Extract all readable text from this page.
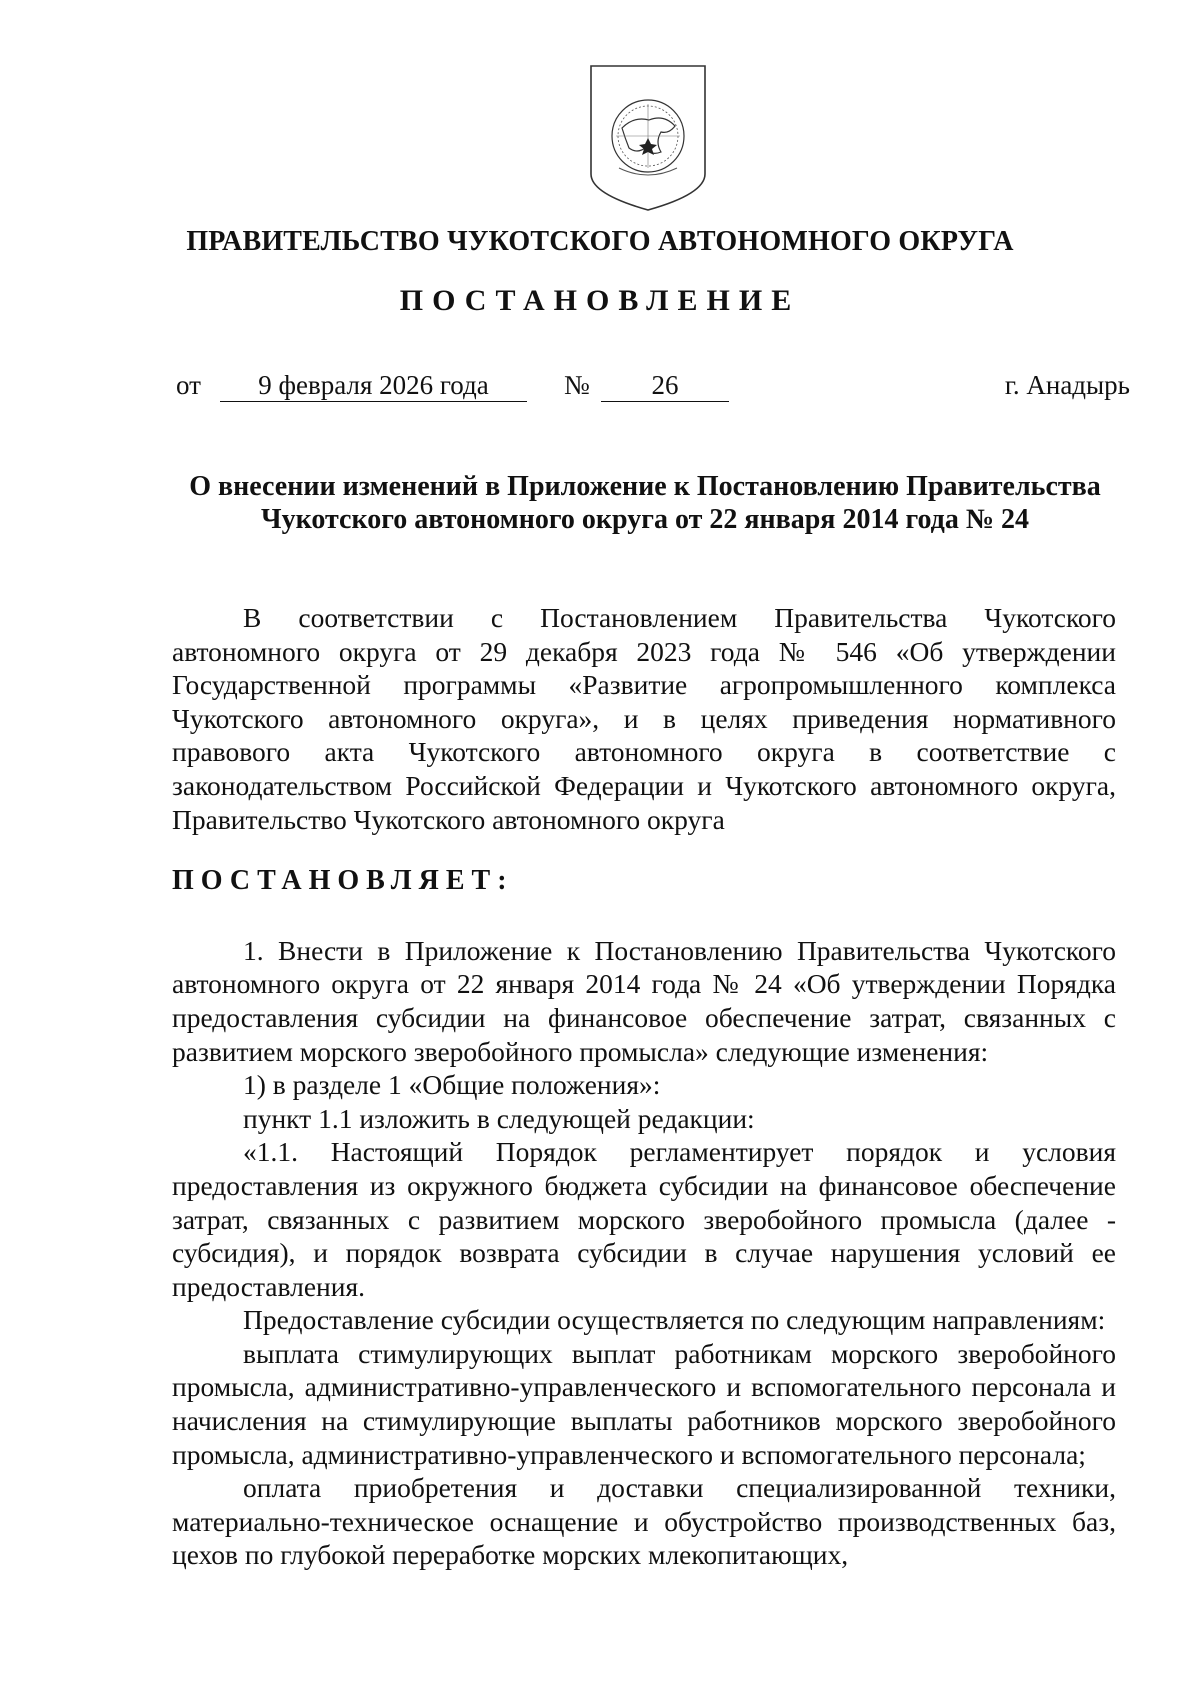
ПРАВИТЕЛЬСТВО ЧУКОТСКОГО АВТОНОМНОГО ОКРУГА
ПОСТАНОВЛЕНИЕ
от	9 февраля 2026 года	№	26	г. Анадырь
О внесении изменений в Приложение к Постановлению Правительства
Чукотского автономного округа от 22 января 2014 года № 24

В соответствии с Постановлением Правительства Чукотского автономного округа от 29 декабря 2023 года № 546 «Об утверждении Государственной программы «Развитие агропромышленного комплекса Чукотского автономного округа», и в целях приведения нормативного правового акта Чукотского автономного округа в соответствие с законодательством Российской Федерации и Чукотского автономного округа, Правительство Чукотского автономного округа

ПОСТАНОВЛЯЕТ:

1. Внести в Приложение к Постановлению Правительства Чукотского автономного округа от 22 января 2014 года № 24 «Об утверждении Порядка предоставления субсидии на финансовое обеспечение затрат, связанных с развитием морского зверобойного промысла» следующие изменения:

1) в разделе 1 «Общие положения»:

пункт 1.1 изложить в следующей редакции:

«1.1. Настоящий Порядок регламентирует порядок и условия предоставления из окружного бюджета субсидии на финансовое обеспечение затрат, связанных с развитием морского зверобойного промысла (далее - субсидия), и порядок возврата субсидии в случае нарушения условий ее предоставления.

Предоставление субсидии осуществляется по следующим направлениям:

выплата стимулирующих выплат работникам морского зверобойного промысла, административно-управленческого и вспомогательного персонала и начисления на стимулирующие выплаты работников морского зверобойного промысла, административно-управленческого и вспомогательного персонала;

оплата приобретения и доставки специализированной техники, материально-техническое оснащение и обустройство производственных баз, цехов по глубокой переработке морских млекопитающих,
